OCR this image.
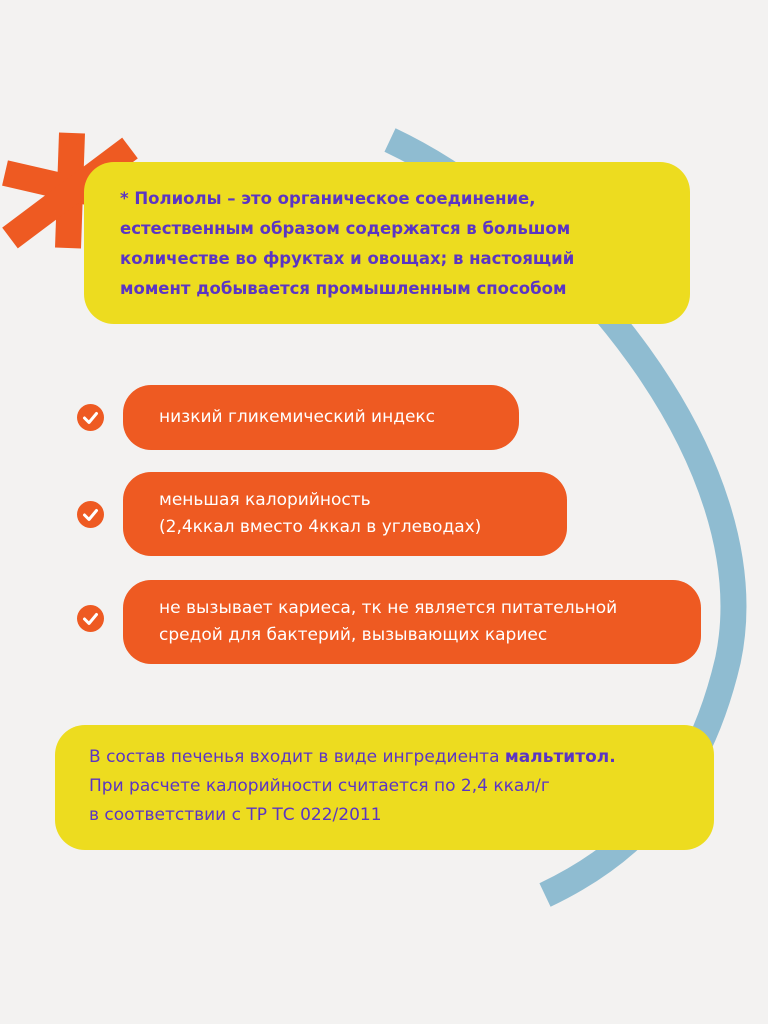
* Полиолы – это органическое соединение,

естественным образом содержатся в большом

количестве во фруктах и овощах; в настоящий

момент добывается промышленным способом

низкий гликемический индекс
меньшая калорийность
(2,4ккал вместо 4ккал в углеводах)
не вызывает кариеса, тк не является питательной
средой для бактерий, вызывающих кариес

В состав печенья входит в виде ингредиента мальтитол.

При расчете калорийности считается по 2,4 ккал/г

в соответствии с ТР ТС 022/2011
